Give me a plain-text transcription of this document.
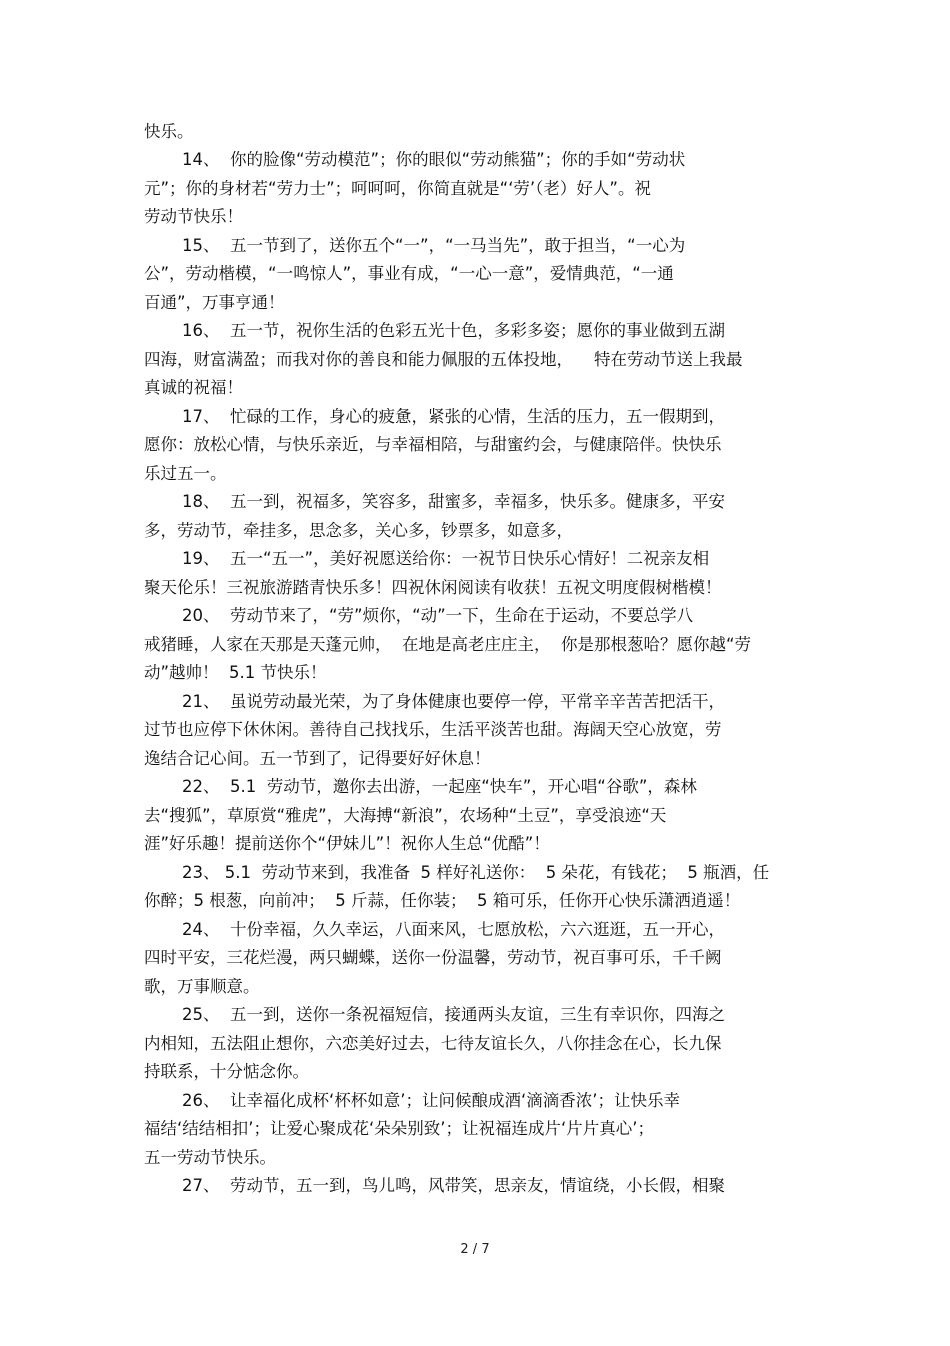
快乐。
14、  你的脸像“劳动模范”；你的眼似“劳动熊猫”；你的手如“劳动状
元”；你的身材若“劳力士”；呵呵呵，你简直就是“‘劳’（老）好人”。祝
劳动节快乐！
15、  五一节到了，送你五个“一”，“一马当先”，敢于担当，“一心为
公”，劳动楷模，“一鸣惊人”，事业有成，“一心一意”，爱情典范，“一通
百通”，万事亨通！
16、  五一节，祝你生活的色彩五光十色，多彩多姿；愿你的事业做到五湖
四海，财富满盈；而我对你的善良和能力佩服的五体投地，    特在劳动节送上我最
真诚的祝福！
17、  忙碌的工作，身心的疲惫，紧张的心情，生活的压力，五一假期到，
愿你：放松心情，与快乐亲近，与幸福相陪，与甜蜜约会，与健康陪伴。快快乐
乐过五一。
18、  五一到，祝福多，笑容多，甜蜜多，幸福多，快乐多。健康多，平安
多，劳动节，牵挂多，思念多，关心多，钞票多，如意多，
19、  五一“五一”，美好祝愿送给你：一祝节日快乐心情好！二祝亲友相
聚天伦乐！三祝旅游踏青快乐多！四祝休闲阅读有收获！五祝文明度假树楷模！
20、  劳动节来了，“劳”烦你，“动”一下，生命在于运动，不要总学八
戒猪睡，人家在天那是天蓬元帅，  在地是高老庄庄主，  你是那根葱哈？愿你越“劳
动”越帅！  5.1 节快乐！
21、  虽说劳动最光荣，为了身体健康也要停一停，平常辛辛苦苦把活干，
过节也应停下休休闲。善待自己找找乐，生活平淡苦也甜。海阔天空心放宽，劳
逸结合记心间。五一节到了，记得要好好休息！
22、  5.1  劳动节，邀你去出游，一起座“快车”，开心唱“谷歌”，森林
去“搜狐”，草原赏“雅虎”，大海搏“新浪”，农场种“土豆”，享受浪迹“天
涯”好乐趣！提前送你个“伊妹儿”！祝你人生总“优酷”！
23、 5.1  劳动节来到，我准备  5 样好礼送你：  5 朵花，有钱花；  5 瓶酒，任
你醉；5 根葱，向前冲；  5 斤蒜，任你装；  5 箱可乐，任你开心快乐潇洒逍遥！
24、  十份幸福，久久幸运，八面来风，七愿放松，六六逛逛，五一开心，
四时平安，三花烂漫，两只蝴蝶，送你一份温馨，劳动节，祝百事可乐，千千阙
歌，万事顺意。
25、  五一到，送你一条祝福短信，接通两头友谊，三生有幸识你，四海之
内相知，五法阻止想你，六恋美好过去，七待友谊长久，八你挂念在心，长九保
持联系，十分惦念你。
26、  让幸福化成杯‘杯杯如意’；让问候酿成酒‘滴滴香浓’；让快乐幸
福结‘结结相扣’；让爱心聚成花‘朵朵别致’；让祝福连成片‘片片真心’；
五一劳动节快乐。
27、  劳动节，五一到，鸟儿鸣，风带笑，思亲友，情谊绕，小长假，相聚
2 / 7
